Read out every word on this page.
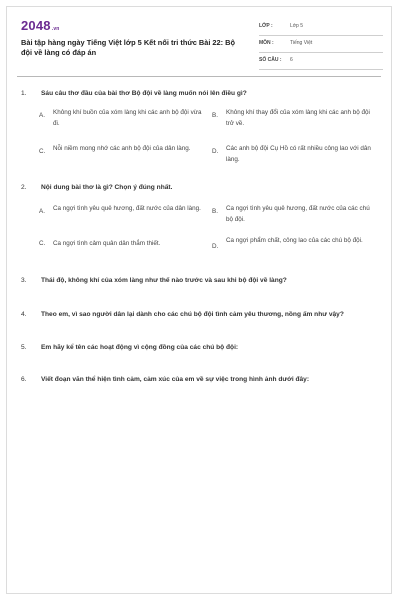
2048.vn
Bài tập hàng ngày Tiếng Việt lớp 5 Kết nối tri thức Bài 22: Bộ đội về làng có đáp án
LỚP :	Lớp 5
MÔN :	Tiếng Việt
SỐ CÂU : 6
1.	Sáu câu thơ đầu của bài thơ Bộ đội về làng muốn nói lên điều gì?
A. Không khí buồn của xóm làng khi các anh bộ đội vừa đi.
B. Không khí thay đổi của xóm làng khi các anh bộ đội trở về.
C. Nỗi niềm mong nhớ các anh bộ đội của dân làng.	D. Các anh bộ đội Cụ Hồ có rất nhiều công lao với dân làng.
2.	Nội dung bài thơ là gì? Chọn ý đúng nhất.
A. Ca ngợi tình yêu quê hương, đất nước của dân làng.	B. Ca ngợi tình yêu quê hương, đất nước của các chú bộ đội.
C. Ca ngợi tình cảm quân dân thắm thiết.	D.
Ca ngợi phẩm chất, công lao của các chú bộ đội.
3.	Thái độ, không khí của xóm làng như thế nào trước và sau khi bộ đội về làng?
4.	Theo em, vì sao người dân lại dành cho các chú bộ đội tình cảm yêu thương, nồng ấm như vậy?
5.	Em hãy kể tên các hoạt động vì cộng đồng của các chú bộ đội:
6.	Viết đoạn văn thể hiện tình cảm, cảm xúc của em về sự việc trong hình ảnh dưới đây:
